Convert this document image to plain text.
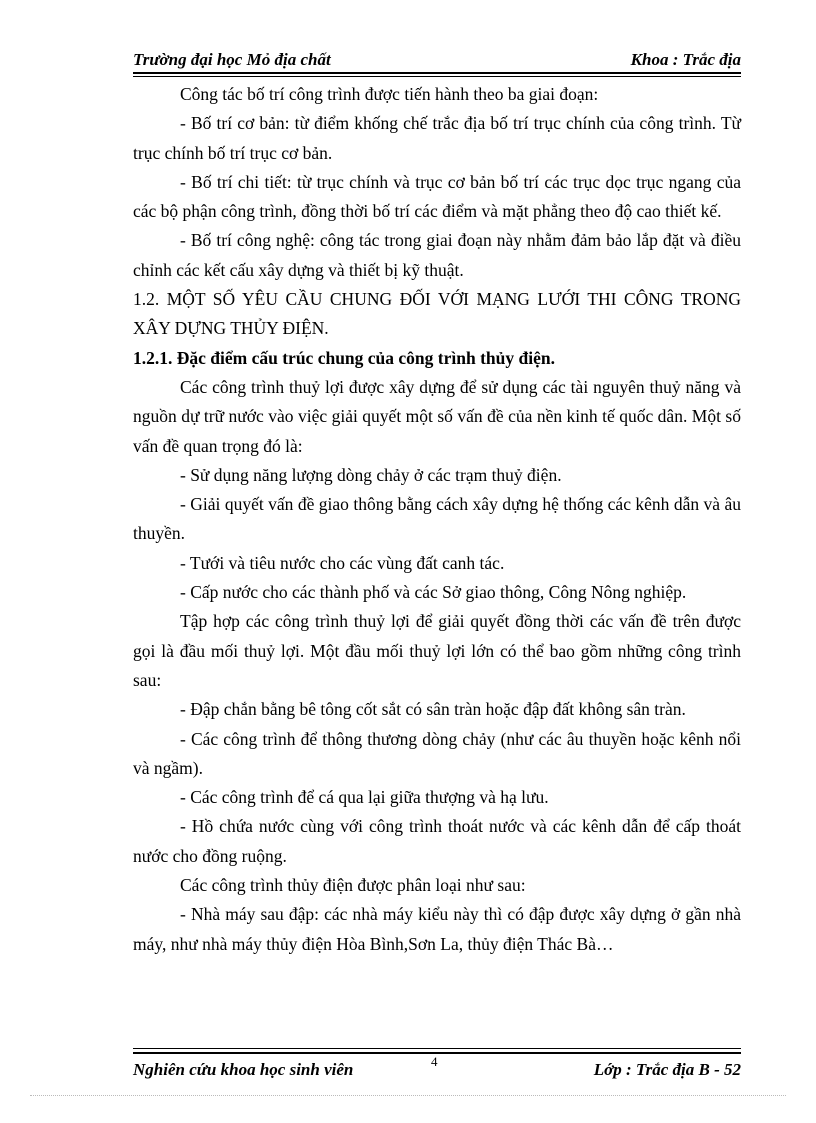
Trường đại học Mỏ địa chất	Khoa : Trắc địa

Công tác bố trí công trình được tiến hành theo ba giai đoạn:

- Bố trí cơ bản: từ điểm khống chế trắc địa bố trí trục chính của công trình. Từ trục chính bố trí trục cơ bản.

- Bố trí chi tiết: từ trục chính và trục cơ bản bố trí các trục dọc trục ngang của các bộ phận công trình, đồng thời bố trí các điểm và mặt phẳng theo độ cao thiết kế.

- Bố trí công nghệ: công tác trong giai đoạn này nhằm đảm bảo lắp đặt và điều chỉnh các kết cấu xây dựng và thiết bị kỹ thuật.

1.2. MỘT SỐ YÊU CẦU CHUNG ĐỐI VỚI MẠNG LƯỚI THI CÔNG TRONG XÂY DỰNG THỦY ĐIỆN.

1.2.1. Đặc điểm cấu trúc chung của công trình thủy điện.

Các công trình thuỷ lợi được xây dựng để sử dụng các tài nguyên thuỷ năng và nguồn dự trữ nước vào việc giải quyết một số vấn đề của nền kinh tế quốc dân. Một số vấn đề quan trọng đó là:

- Sử dụng năng lượng dòng chảy ở các trạm thuỷ điện.

- Giải quyết vấn đề giao thông bằng cách xây dựng hệ thống các kênh dẫn và âu thuyền.

- Tưới và tiêu nước cho các vùng đất canh tác.

- Cấp nước cho các thành phố và các Sở giao thông, Công Nông nghiệp.

Tập hợp các công trình thuỷ lợi để giải quyết đồng thời các vấn đề trên được gọi là đầu mối thuỷ lợi. Một đầu mối thuỷ lợi lớn có thể bao gồm những công trình sau:

- Đập chắn bằng bê tông cốt sắt có sân tràn hoặc đập đất không sân tràn.

- Các công trình để thông thương dòng chảy (như các âu thuyền hoặc kênh nổi và ngầm).

- Các công trình để cá qua lại giữa thượng và hạ lưu.

- Hồ chứa nước cùng với công trình thoát nước và các kênh dẫn để cấp thoát nước cho đồng ruộng.

Các công trình thủy điện được phân loại như sau:

- Nhà máy sau đập: các nhà máy kiểu này thì có đập được xây dựng ở gần nhà máy, như nhà máy thủy điện Hòa Bình,Sơn La, thủy điện Thác Bà…

4
Nghiên cứu khoa học sinh viên	Lớp : Trắc địa B - 52
